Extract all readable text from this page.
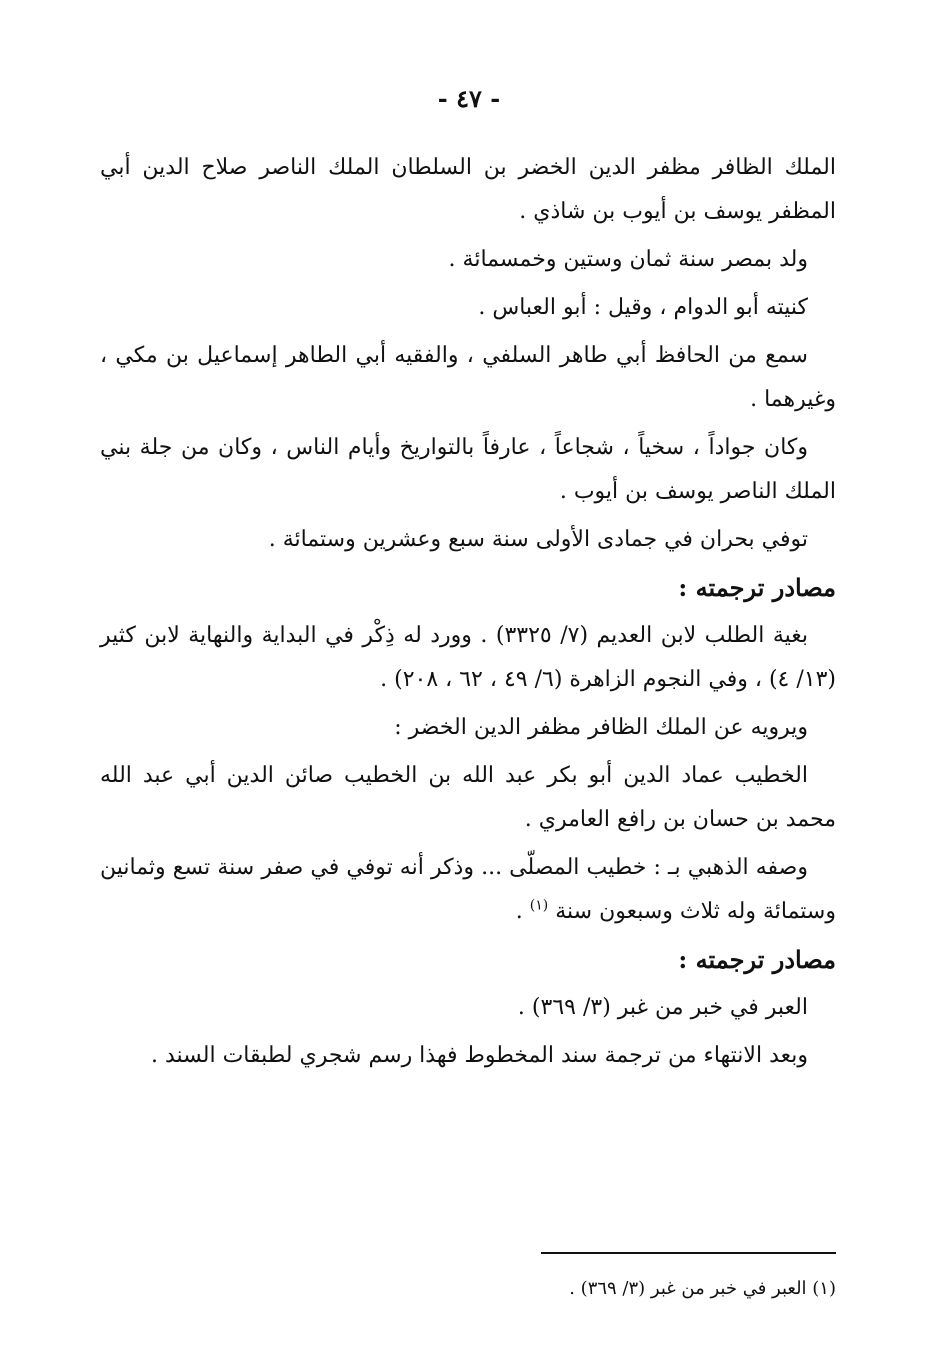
- ٤٧ -

الملك الظافر مظفر الدين الخضر بن السلطان الملك الناصر صلاح الدين أبي المظفر يوسف بن أيوب بن شاذي .

ولد بمصر سنة ثمان وستين وخمسمائة .

كنيته أبو الدوام ، وقيل : أبو العباس .

سمع من الحافظ أبي طاهر السلفي ، والفقيه أبي الطاهر إسماعيل بن مكي ، وغيرهما .

وكان جواداً ، سخياً ، شجاعاً ، عارفاً بالتواريخ وأيام الناس ، وكان من جلة بني الملك الناصر يوسف بن أيوب .

توفي بحران في جمادى الأولى سنة سبع وعشرين وستمائة .

مصادر ترجمته :

بغية الطلب لابن العديم (٧/ ٣٣٢٥) . وورد له ذِكْر في البداية والنهاية لابن كثير (١٣/ ٤) ، وفي النجوم الزاهرة (٦/ ٤٩ ، ٦٢ ، ٢٠٨) .

ويرويه عن الملك الظافر مظفر الدين الخضر :

الخطيب عماد الدين أبو بكر عبد الله بن الخطيب صائن الدين أبي عبد الله محمد بن حسان بن رافع العامري .

وصفه الذهبي بـ : خطيب المصلّى ... وذكر أنه توفي في صفر سنة تسع وثمانين وستمائة وله ثلاث وسبعون سنة $^{(١)}$ .

مصادر ترجمته :

العبر في خبر من غبر (٣/ ٣٦٩) .

وبعد الانتهاء من ترجمة سند المخطوط فهذا رسم شجري لطبقات السند .

(١) العبر في خبر من غبر (٣/ ٣٦٩) .
